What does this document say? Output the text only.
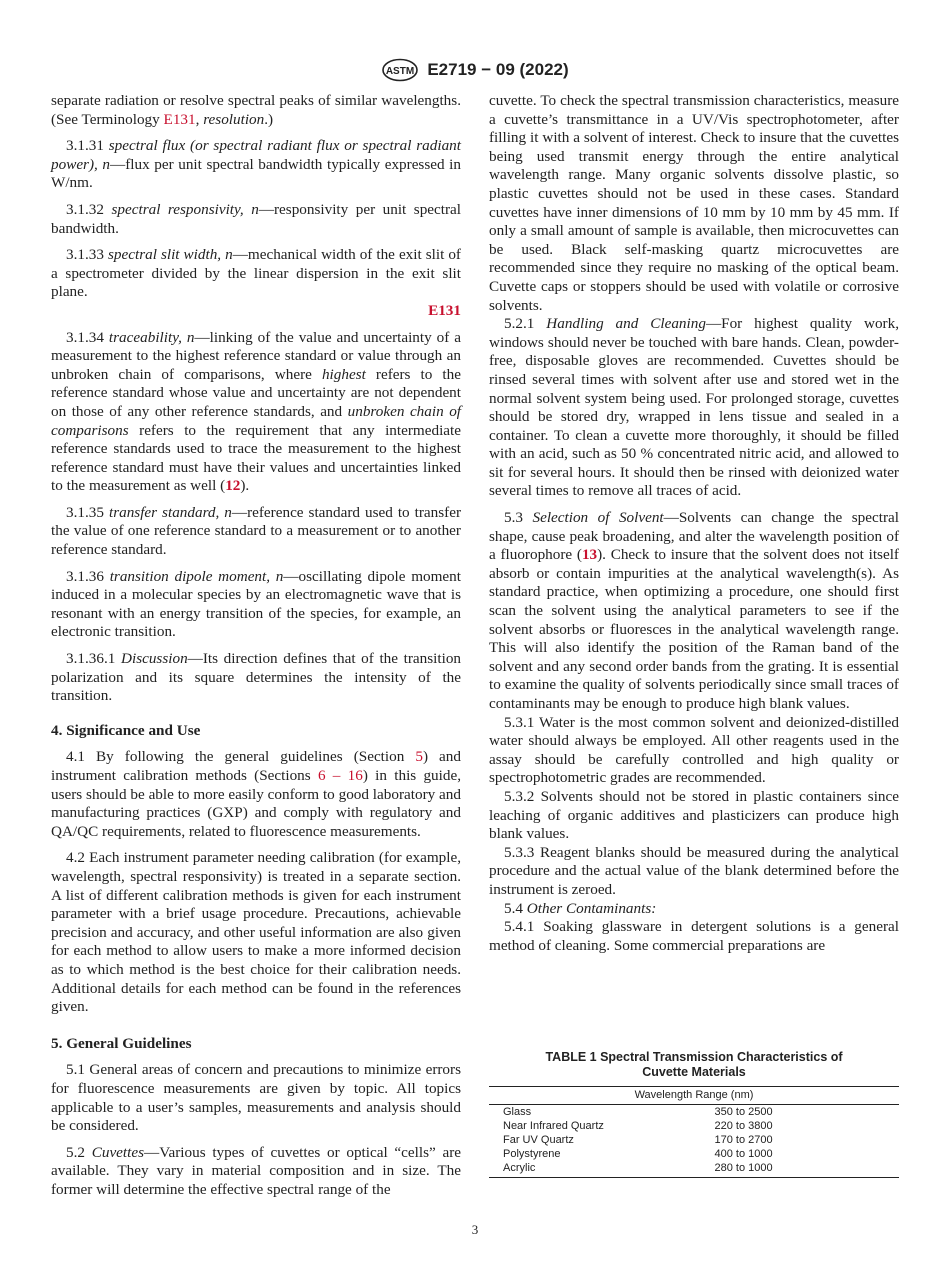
ASTM E2719 − 09 (2022)

separate radiation or resolve spectral peaks of similar wavelengths. (See Terminology E131, resolution.)

3.1.31 spectral flux (or spectral radiant flux or spectral radiant power), n—flux per unit spectral bandwidth typically expressed in W/nm.

3.1.32 spectral responsivity, n—responsivity per unit spectral bandwidth.

3.1.33 spectral slit width, n—mechanical width of the exit slit of a spectrometer divided by the linear dispersion in the exit slit plane.
E131

3.1.34 traceability, n—linking of the value and uncertainty of a measurement to the highest reference standard or value through an unbroken chain of comparisons, where highest refers to the reference standard whose value and uncertainty are not dependent on those of any other reference standards, and unbroken chain of comparisons refers to the requirement that any intermediate reference standards used to trace the measurement to the highest reference standard must have their values and uncertainties linked to the measurement as well (12).

3.1.35 transfer standard, n—reference standard used to transfer the value of one reference standard to a measurement or to another reference standard.

3.1.36 transition dipole moment, n—oscillating dipole moment induced in a molecular species by an electromagnetic wave that is resonant with an energy transition of the species, for example, an electronic transition.

3.1.36.1 Discussion—Its direction defines that of the transition polarization and its square determines the intensity of the transition.

4. Significance and Use

4.1 By following the general guidelines (Section 5) and instrument calibration methods (Sections 6 – 16) in this guide, users should be able to more easily conform to good laboratory and manufacturing practices (GXP) and comply with regulatory and QA/QC requirements, related to fluorescence measurements.

4.2 Each instrument parameter needing calibration (for example, wavelength, spectral responsivity) is treated in a separate section. A list of different calibration methods is given for each instrument parameter with a brief usage procedure. Precautions, achievable precision and accuracy, and other useful information are also given for each method to allow users to make a more informed decision as to which method is the best choice for their calibration needs. Additional details for each method can be found in the references given.

5. General Guidelines

5.1 General areas of concern and precautions to minimize errors for fluorescence measurements are given by topic. All topics applicable to a user’s samples, measurements and analysis should be considered.

5.2 Cuvettes—Various types of cuvettes or optical “cells” are available. They vary in material composition and in size. The former will determine the effective spectral range of the

cuvette. To check the spectral transmission characteristics, measure a cuvette’s transmittance in a UV/Vis spectrophotometer, after filling it with a solvent of interest. Check to insure that the cuvettes being used transmit energy through the entire analytical wavelength range. Many organic solvents dissolve plastic, so plastic cuvettes should not be used in these cases. Standard cuvettes have inner dimensions of 10 mm by 10 mm by 45 mm. If only a small amount of sample is available, then microcuvettes can be used. Black self-masking quartz microcuvettes are recommended since they require no masking of the optical beam. Cuvette caps or stoppers should be used with volatile or corrosive solvents.

5.2.1 Handling and Cleaning—For highest quality work, windows should never be touched with bare hands. Clean, powder-free, disposable gloves are recommended. Cuvettes should be rinsed several times with solvent after use and stored wet in the normal solvent system being used. For prolonged storage, cuvettes should be stored dry, wrapped in lens tissue and sealed in a container. To clean a cuvette more thoroughly, it should be filled with an acid, such as 50 % concentrated nitric acid, and allowed to sit for several hours. It should then be rinsed with deionized water several times to remove all traces of acid.

5.3 Selection of Solvent—Solvents can change the spectral shape, cause peak broadening, and alter the wavelength position of a fluorophore (13). Check to insure that the solvent does not itself absorb or contain impurities at the analytical wavelength(s). As standard practice, when optimizing a procedure, one should first scan the solvent using the analytical parameters to see if the solvent absorbs or fluoresces in the analytical wavelength range. This will also identify the position of the Raman band of the solvent and any second order bands from the grating. It is essential to examine the quality of solvents periodically since small traces of contaminants may be enough to produce high blank values.

5.3.1 Water is the most common solvent and deionized-distilled water should always be employed. All other reagents used in the assay should be carefully controlled and high quality or spectrophotometric grades are recommended.

5.3.2 Solvents should not be stored in plastic containers since leaching of organic additives and plasticizers can produce high blank values.

5.3.3 Reagent blanks should be measured during the analytical procedure and the actual value of the blank determined before the instrument is zeroed.

5.4 Other Contaminants:

5.4.1 Soaking glassware in detergent solutions is a general method of cleaning. Some commercial preparations are

TABLE 1 Spectral Transmission Characteristics of
Cuvette Materials
Wavelength Range (nm)	
Glass	350 to 2500
Near Infrared Quartz	220 to 3800
Far UV Quartz	170 to 2700
Polystyrene	400 to 1000
Acrylic	280 to 1000
3
